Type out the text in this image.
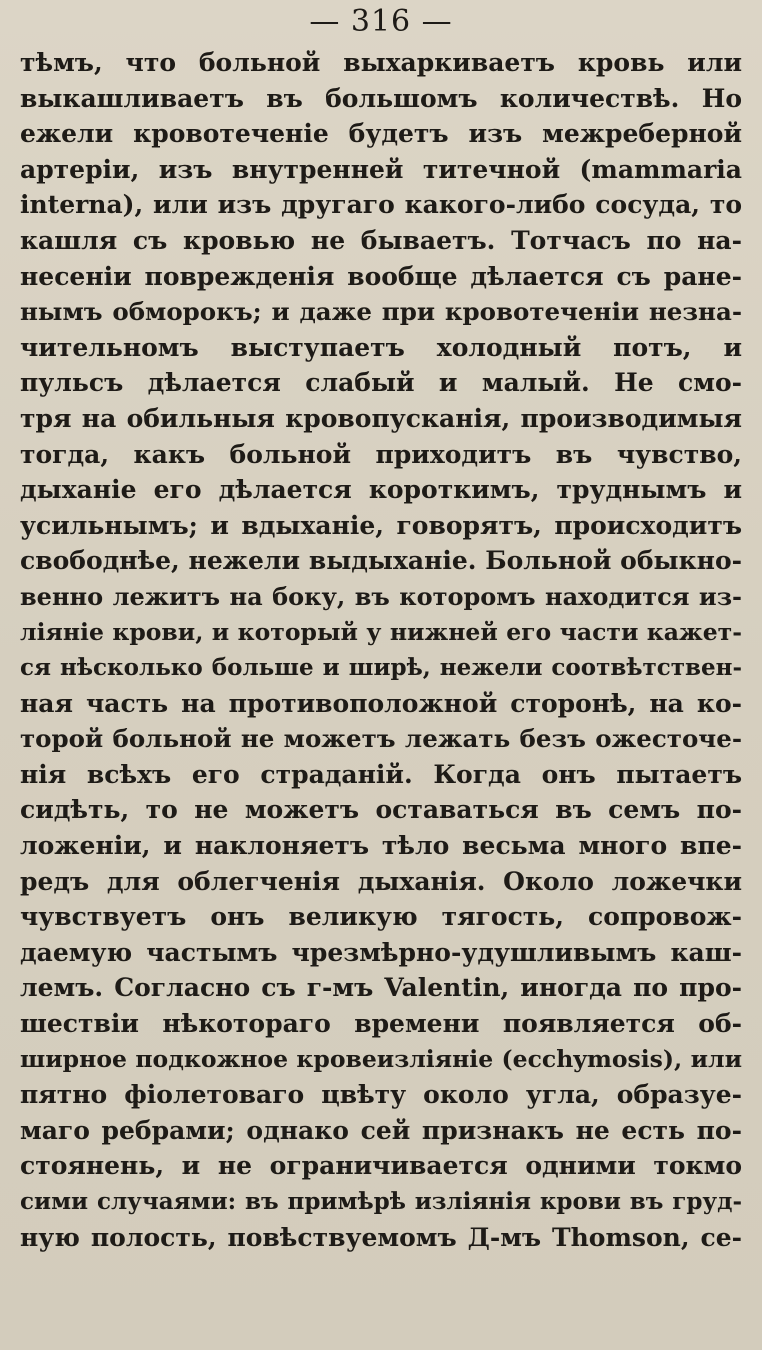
— 316 —
тѣмъ, что больной выхаркиваетъ кровь или
выкашливаетъ въ большомъ количествѣ. Но
ежели кровотеченіе будетъ изъ межреберной
артеріи, изъ внутренней титечной (mammaria
interna), или изъ другаго какого-либо сосуда, то
кашля съ кровью не бываетъ. Тотчасъ по на-
несеніи поврежденія вообще дѣлается съ ране-
нымъ обморокъ; и даже при кровотеченіи незна-
чительномъ выступаетъ холодный потъ, и
пульсъ дѣлается слабый и малый. Не смо-
тря на обильныя кровопусканія, производимыя
тогда, какъ больной приходитъ въ чувство,
дыханіе его дѣлается короткимъ, труднымъ и
усильнымъ; и вдыханіе, говорятъ, происходитъ
свободнѣе, нежели выдыханіе. Больной обыкно-
венно лежитъ на боку, въ которомъ находится из-
ліяніе крови, и который у нижней его части кажет-
ся нѣсколько больше и ширѣ, нежели соотвѣтствен-
ная часть на противоположной сторонѣ, на ко-
торой больной не можетъ лежать безъ ожесточе-
нія всѣхъ его страданій. Когда онъ пытаетъ
сидѣть, то не можетъ оставаться въ семъ по-
ложеніи, и наклоняетъ тѣло весьма много впе-
редъ для облегченія дыханія. Около ложечки
чувствуетъ онъ великую тягость, сопровож-
даемую частымъ чрезмѣрно-удушливымъ каш-
лемъ. Согласно съ г-мъ Valentin, иногда по про-
шествіи нѣкотораго времени появляется об-
ширное подкожное кровеизліяніе (ecchymosis), или
пятно фіолетоваго цвѣту около угла, образуе-
маго ребрами; однако сей признакъ не есть по-
стоянень, и не ограничивается одними токмо
сими случаями: въ примѣрѣ изліянія крови въ груд-
ную полость, повѣствуемомъ Д-мъ Thomson, се-
